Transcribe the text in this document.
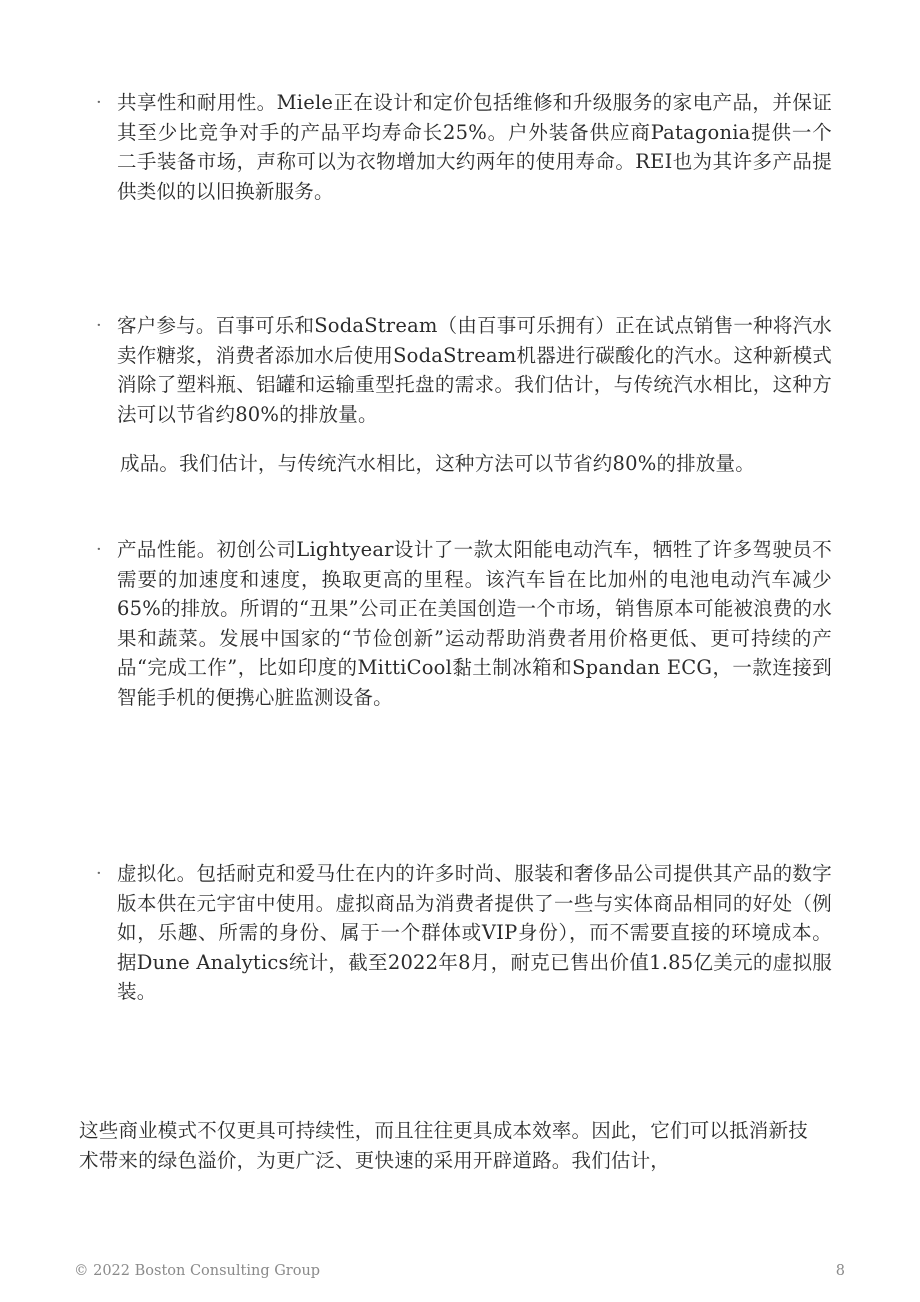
· 共享性和耐用性。Miele正在设计和定价包括维修和升级服务的家电产品，并保证其至少比竞争对手的产品平均寿命长25%。户外装备供应商Patagonia提供一个二手装备市场，声称可以为衣物增加大约两年的使用寿命。REI也为其许多产品提供类似的以旧换新服务。

· 客户参与。百事可乐和SodaStream（由百事可乐拥有）正在试点销售一种将汽水卖作糖浆，消费者添加水后使用SodaStream机器进行碳酸化的汽水。这种新模式消除了塑料瓶、铝罐和运输重型托盘的需求。我们估计，与传统汽水相比，这种方法可以节省约80%的排放量。

成品。我们估计，与传统汽水相比，这种方法可以节省约80%的排放量。
· 产品性能。初创公司Lightyear设计了一款太阳能电动汽车，牺牲了许多驾驶员不需要的加速度和速度，换取更高的里程。该汽车旨在比加州的电池电动汽车减少65%的排放。所谓的“丑果”公司正在美国创造一个市场，销售原本可能被浪费的水果和蔬菜。发展中国家的“节俭创新”运动帮助消费者用价格更低、更可持续的产品“完成工作”，比如印度的MittiCool黏土制冰箱和Spandan ECG，一款连接到智能手机的便携心脏监测设备。

· 虚拟化。包括耐克和爱马仕在内的许多时尚、服装和奢侈品公司提供其产品的数字版本供在元宇宙中使用。虚拟商品为消费者提供了一些与实体商品相同的好处（例如，乐趣、所需的身份、属于一个群体或VIP身份），而不需要直接的环境成本。据Dune Analytics统计，截至2022年8月，耐克已售出价值1.85亿美元的虚拟服装。

这些商业模式不仅更具可持续性，而且往往更具成本效率。因此，它们可以抵消新技术带来的绿色溢价，为更广泛、更快速的采用开辟道路。我们估计，
© 2022 Boston Consulting Group	8
